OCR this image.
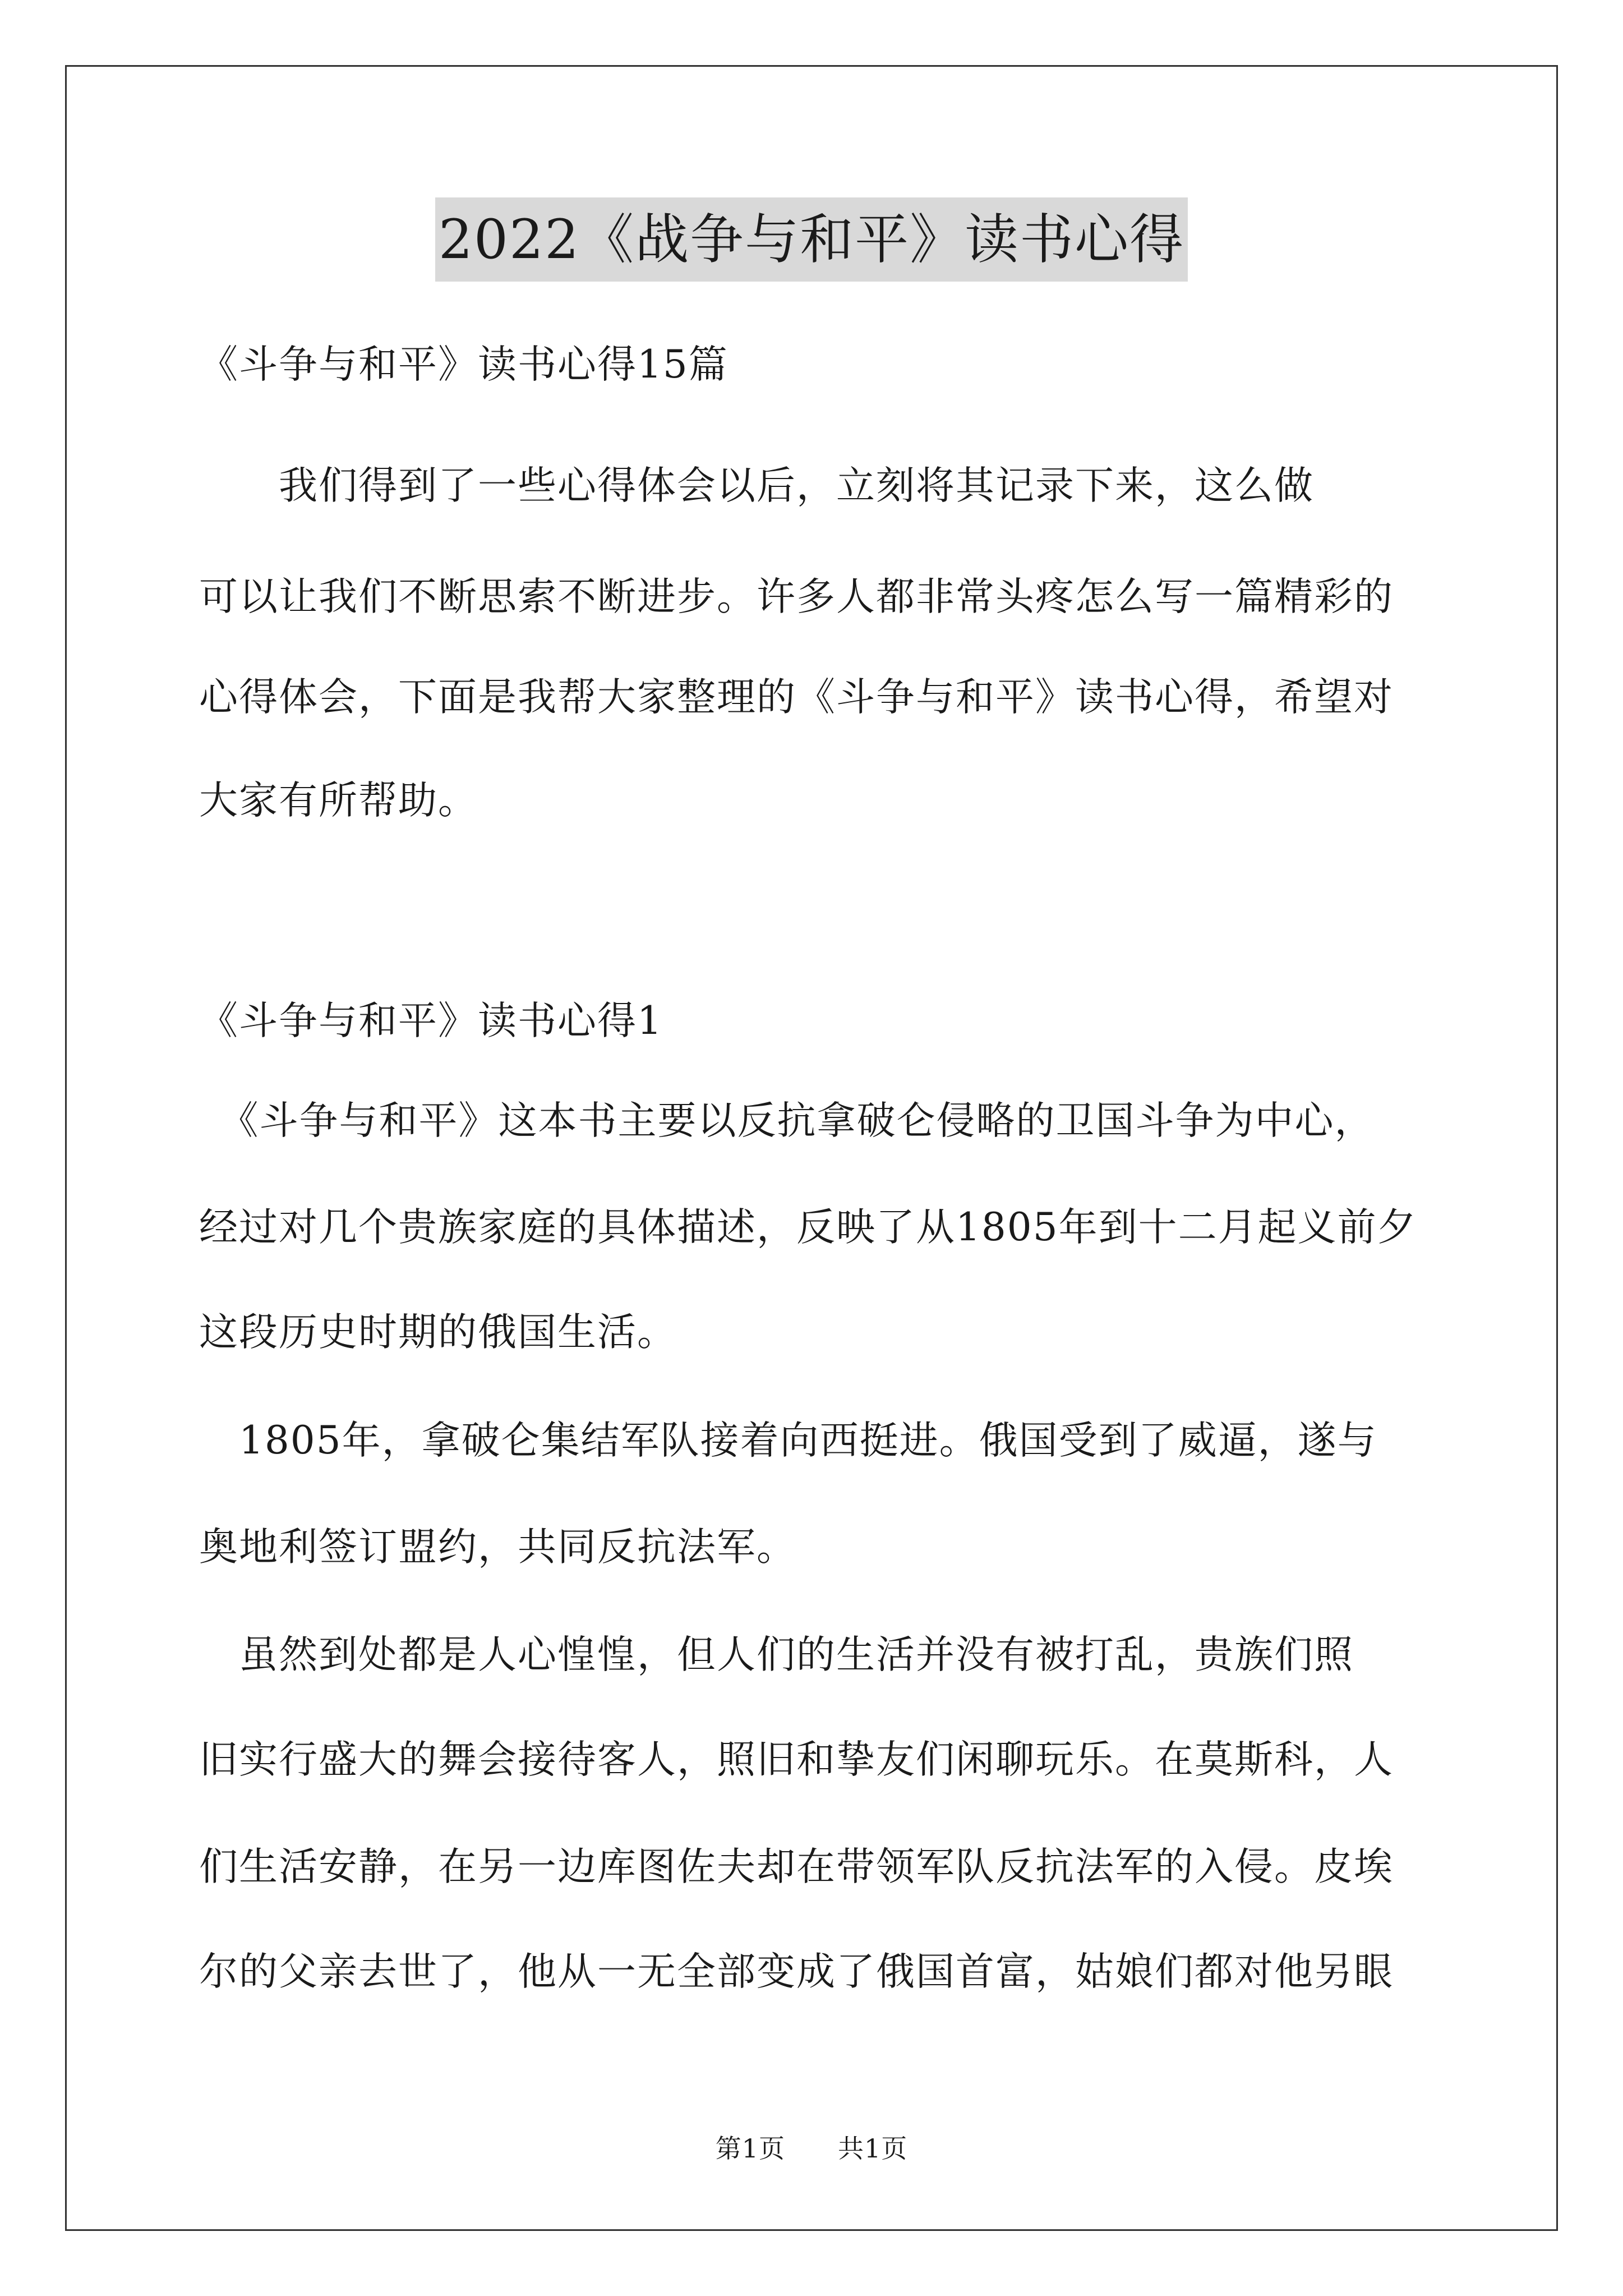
2022《战争与和平》读书心得
《斗争与和平》读书心得15篇
　　我们得到了一些心得体会以后，立刻将其记录下来，这么做
可以让我们不断思索不断进步。许多人都非常头疼怎么写一篇精彩的
心得体会，下面是我帮大家整理的《斗争与和平》读书心得，希望对
大家有所帮助。
《斗争与和平》读书心得1
　《斗争与和平》这本书主要以反抗拿破仑侵略的卫国斗争为中心，
经过对几个贵族家庭的具体描述，反映了从1805年到十二月起义前夕
这段历史时期的俄国生活。
　1805年，拿破仑集结军队接着向西挺进。俄国受到了威逼，遂与
奥地利签订盟约，共同反抗法军。
　虽然到处都是人心惶惶，但人们的生活并没有被打乱，贵族们照
旧实行盛大的舞会接待客人，照旧和挚友们闲聊玩乐。在莫斯科，人
们生活安静，在另一边库图佐夫却在带领军队反抗法军的入侵。皮埃
尔的父亲去世了，他从一无全部变成了俄国首富，姑娘们都对他另眼
第1页　　 共1页
